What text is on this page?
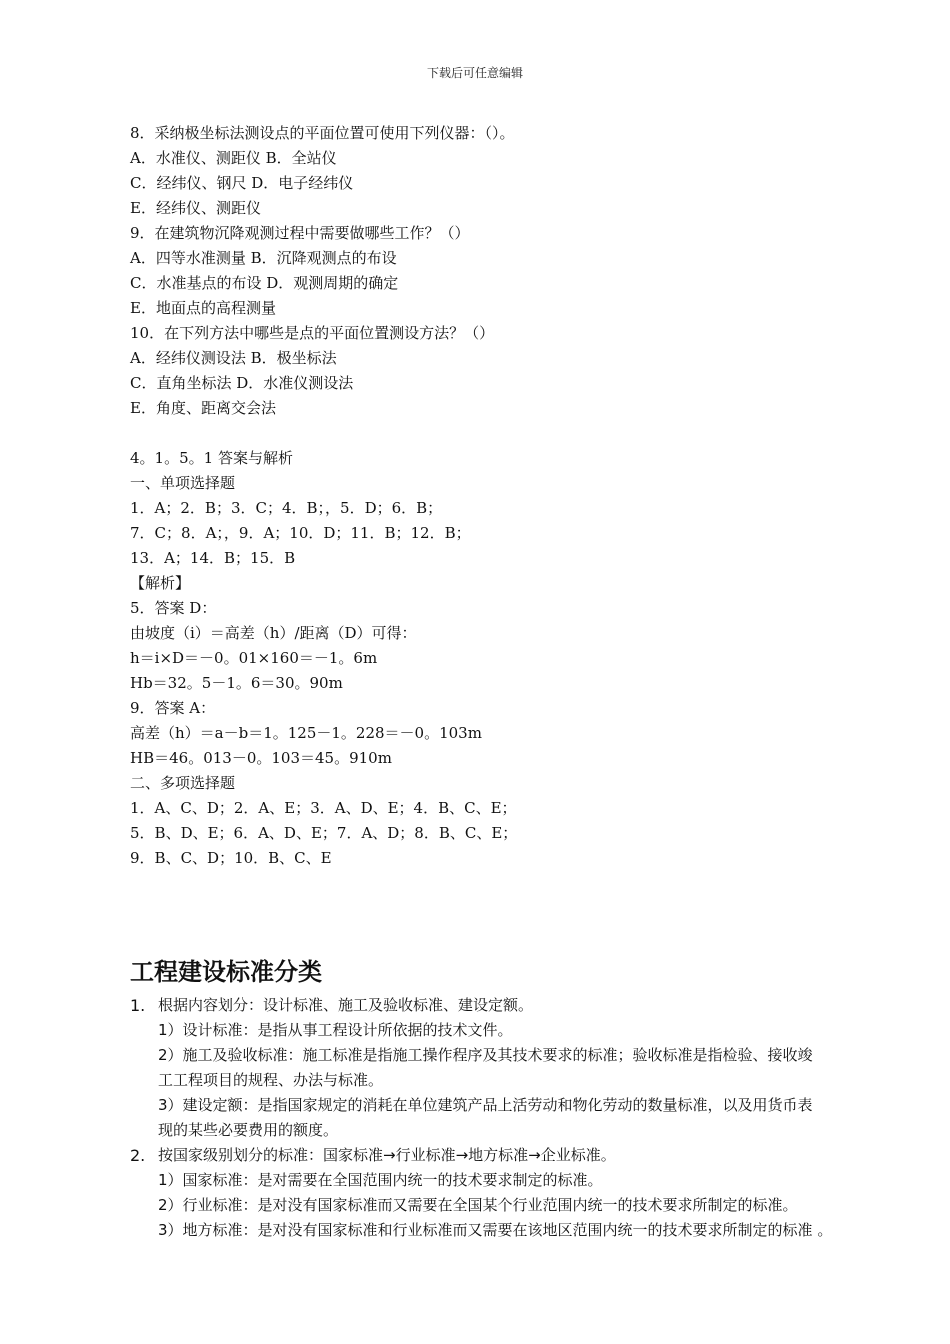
下载后可任意编辑
8．采纳极坐标法测设点的平面位置可使用下列仪器：（）。
A．水准仪、测距仪 B．全站仪
C．经纬仪、钢尺 D．电子经纬仪
E．经纬仪、测距仪
9．在建筑物沉降观测过程中需要做哪些工作？（）
A．四等水准测量 B．沉降观测点的布设
C．水准基点的布设 D．观测周期的确定
E．地面点的高程测量
10．在下列方法中哪些是点的平面位置测设方法？（）
A．经纬仪测设法 B．极坐标法
C．直角坐标法 D．水准仪测设法
E．角度、距离交会法
4。1。5。1 答案与解析
一、单项选择题
1．A；2．B；3．C；4．B；，5．D；6．B；
7．C；8．A；，9．A；10．D；11．B；12．B；
13．A；14．B；15．B
【解析】
5．答案 D：
由坡度（i）＝高差（h）/距离（D）可得：
h＝i×D＝－0。01×160＝－1。6m
Hb＝32。5－1。6＝30。90m
9．答案 A：
高差（h）＝a－b＝1。125－1。228＝－0。103m
HB＝46。013－0。103＝45。910m
二、多项选择题
1．A、C、D；2．A、E；3．A、D、E；4．B、C、E；
5．B、D、E；6．A、D、E；7．A、D；8．B、C、E；
9．B、C、D；10．B、C、E
工程建设标准分类
1. 根据内容划分：设计标准、施工及验收标准、建设定额。
1）设计标准：是指从事工程设计所依据的技术文件。
2）施工及验收标准：施工标准是指施工操作程序及其技术要求的标准；验收标准是指检验、接收竣
工工程项目的规程、办法与标准。
3）建设定额：是指国家规定的消耗在单位建筑产品上活劳动和物化劳动的数量标准，以及用货币表
现的某些必要费用的额度。
2. 按国家级别划分的标准：国家标准→行业标准→地方标准→企业标准。
1）国家标准：是对需要在全国范围内统一的技术要求制定的标准。
2）行业标准：是对没有国家标准而又需要在全国某个行业范围内统一的技术要求所制定的标准。
3）地方标准：是对没有国家标准和行业标准而又需要在该地区范围内统一的技术要求所制定的标准 。
